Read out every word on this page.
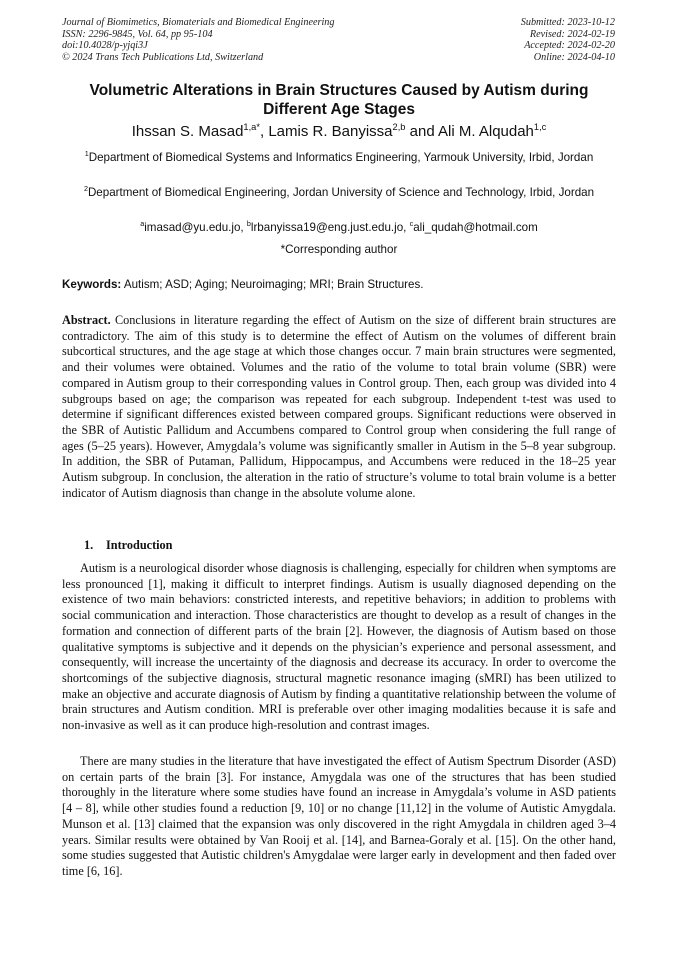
Journal of Biomimetics, Biomaterials and Biomedical Engineering
ISSN: 2296-9845, Vol. 64, pp 95-104
doi:10.4028/p-yjqi3J
© 2024 Trans Tech Publications Ltd, Switzerland
Submitted: 2023-10-12
Revised: 2024-02-19
Accepted: 2024-02-20
Online: 2024-04-10
Volumetric Alterations in Brain Structures Caused by Autism during Different Age Stages
Ihssan S. Masad$^{1,a*}$, Lamis R. Banyissa$^{2,b}$ and Ali M. Alqudah$^{1,c}$
$^1$Department of Biomedical Systems and Informatics Engineering, Yarmouk University, Irbid, Jordan
$^2$Department of Biomedical Engineering, Jordan University of Science and Technology, Irbid, Jordan
$^a$imasad@yu.edu.jo, $^b$lrbanyissa19@eng.just.edu.jo, $^c$ali_qudah@hotmail.com
*Corresponding author
Keywords: Autism; ASD; Aging; Neuroimaging; MRI; Brain Structures.
Abstract. Conclusions in literature regarding the effect of Autism on the size of different brain structures are contradictory. The aim of this study is to determine the effect of Autism on the volumes of different brain subcortical structures, and the age stage at which those changes occur. 7 main brain structures were segmented, and their volumes were obtained. Volumes and the ratio of the volume to total brain volume (SBR) were compared in Autism group to their corresponding values in Control group. Then, each group was divided into 4 subgroups based on age; the comparison was repeated for each subgroup. Independent t-test was used to determine if significant differences existed between compared groups. Significant reductions were observed in the SBR of Autistic Pallidum and Accumbens compared to Control group when considering the full range of ages (5–25 years). However, Amygdala’s volume was significantly smaller in Autism in the 5–8 year subgroup. In addition, the SBR of Putaman, Pallidum, Hippocampus, and Accumbens were reduced in the 18–25 year Autism subgroup. In conclusion, the alteration in the ratio of structure’s volume to total brain volume is a better indicator of Autism diagnosis than change in the absolute volume alone.
1. Introduction
Autism is a neurological disorder whose diagnosis is challenging, especially for children when symptoms are less pronounced [1], making it difficult to interpret findings. Autism is usually diagnosed depending on the existence of two main behaviors: constricted interests, and repetitive behaviors; in addition to problems with social communication and interaction. Those characteristics are thought to develop as a result of changes in the formation and connection of different parts of the brain [2]. However, the diagnosis of Autism based on those qualitative symptoms is subjective and it depends on the physician’s experience and personal assessment, and consequently, will increase the uncertainty of the diagnosis and decrease its accuracy. In order to overcome the shortcomings of the subjective diagnosis, structural magnetic resonance imaging (sMRI) has been utilized to make an objective and accurate diagnosis of Autism by finding a quantitative relationship between the volume of brain structures and Autism condition. MRI is preferable over other imaging modalities because it is safe and non-invasive as well as it can produce high-resolution and contrast images.
There are many studies in the literature that have investigated the effect of Autism Spectrum Disorder (ASD) on certain parts of the brain [3]. For instance, Amygdala was one of the structures that has been studied thoroughly in the literature where some studies have found an increase in Amygdala’s volume in ASD patients [4 – 8], while other studies found a reduction [9, 10] or no change [11,12] in the volume of Autistic Amygdala. Munson et al. [13] claimed that the expansion was only discovered in the right Amygdala in children aged 3–4 years. Similar results were obtained by Van Rooij et al. [14], and Barnea-Goraly et al. [15]. On the other hand, some studies suggested that Autistic children's Amygdalae were larger early in development and then faded over time [6, 16].
